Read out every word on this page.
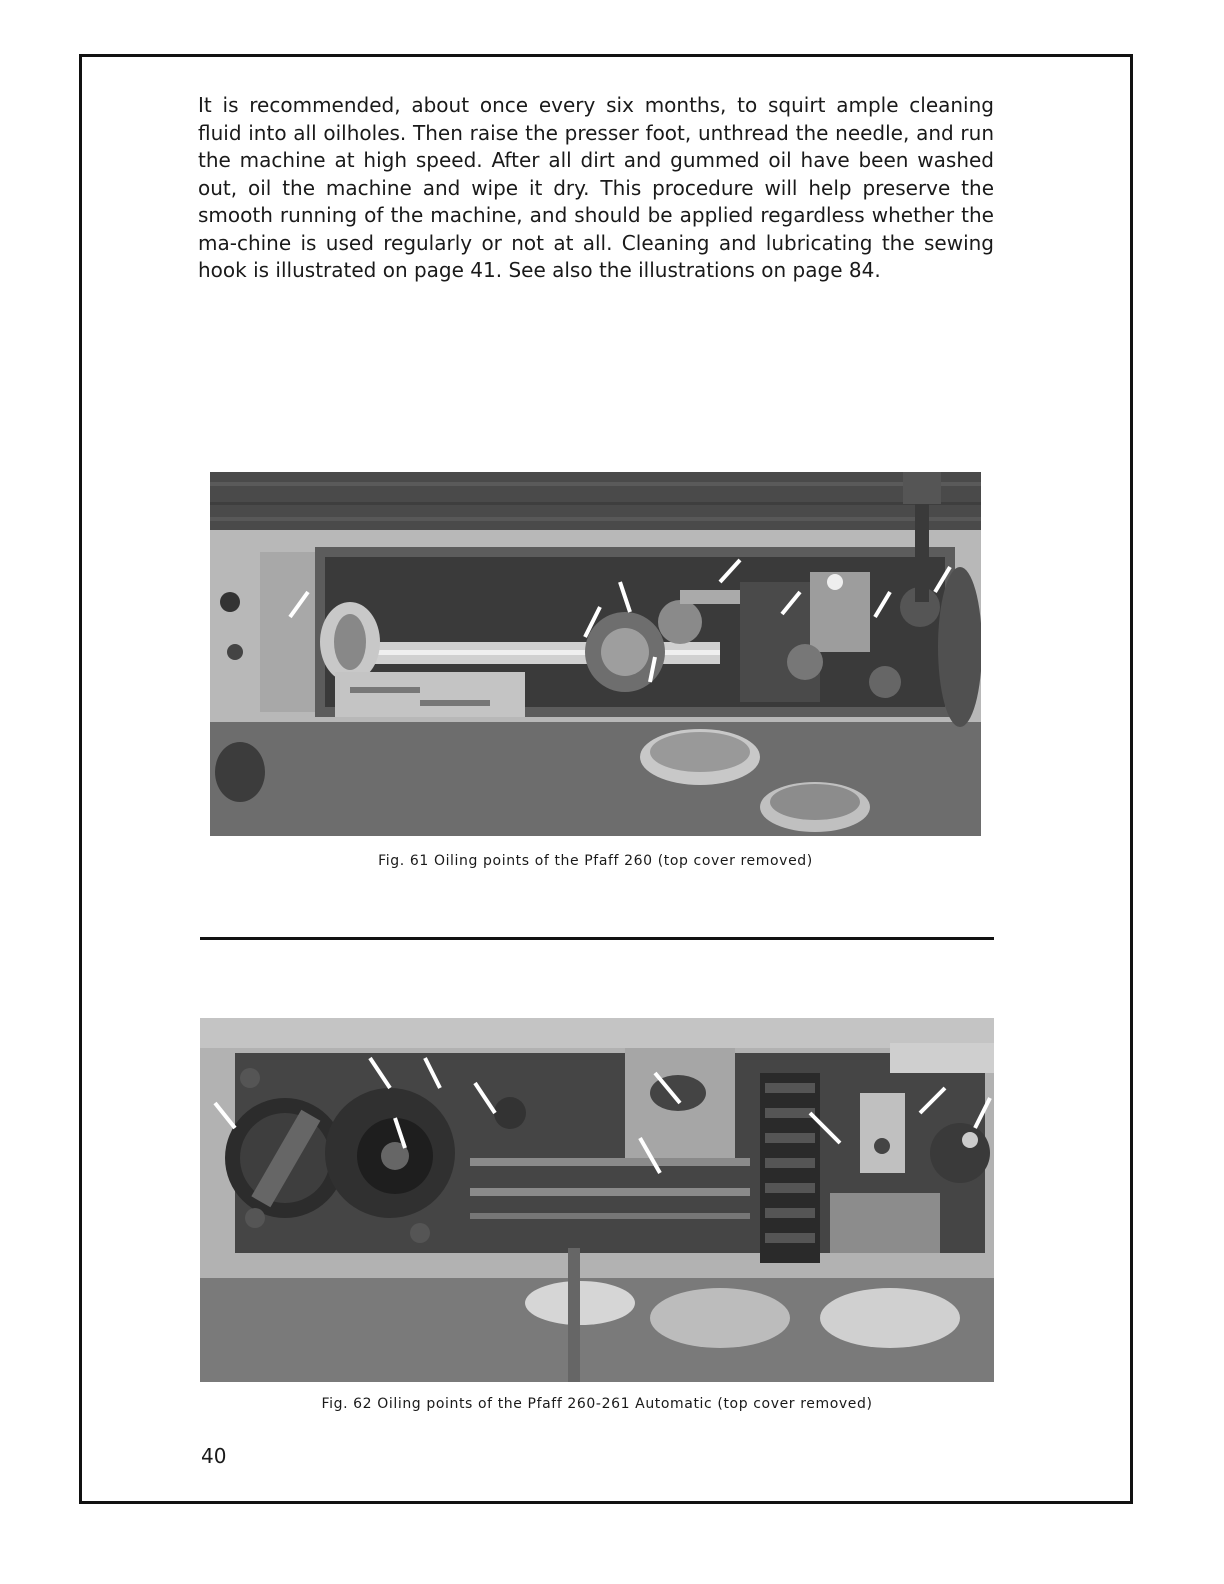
It is recommended, about once every six months, to squirt ample cleaning fluid into all oilholes. Then raise the presser foot, unthread the needle, and run the machine at high speed. After all dirt and gummed oil have been washed out, oil the machine and wipe it dry. This procedure will help preserve the smooth running of the machine, and should be applied regardless whether the ma-chine is used regularly or not at all. Cleaning and lubricating the sewing hook is illustrated on page 41. See also the illustrations on page 84.

Fig. 61 Oiling points of the Pfaff 260 (top cover removed)
Fig. 62 Oiling points of the Pfaff 260-261 Automatic (top cover removed)
40
